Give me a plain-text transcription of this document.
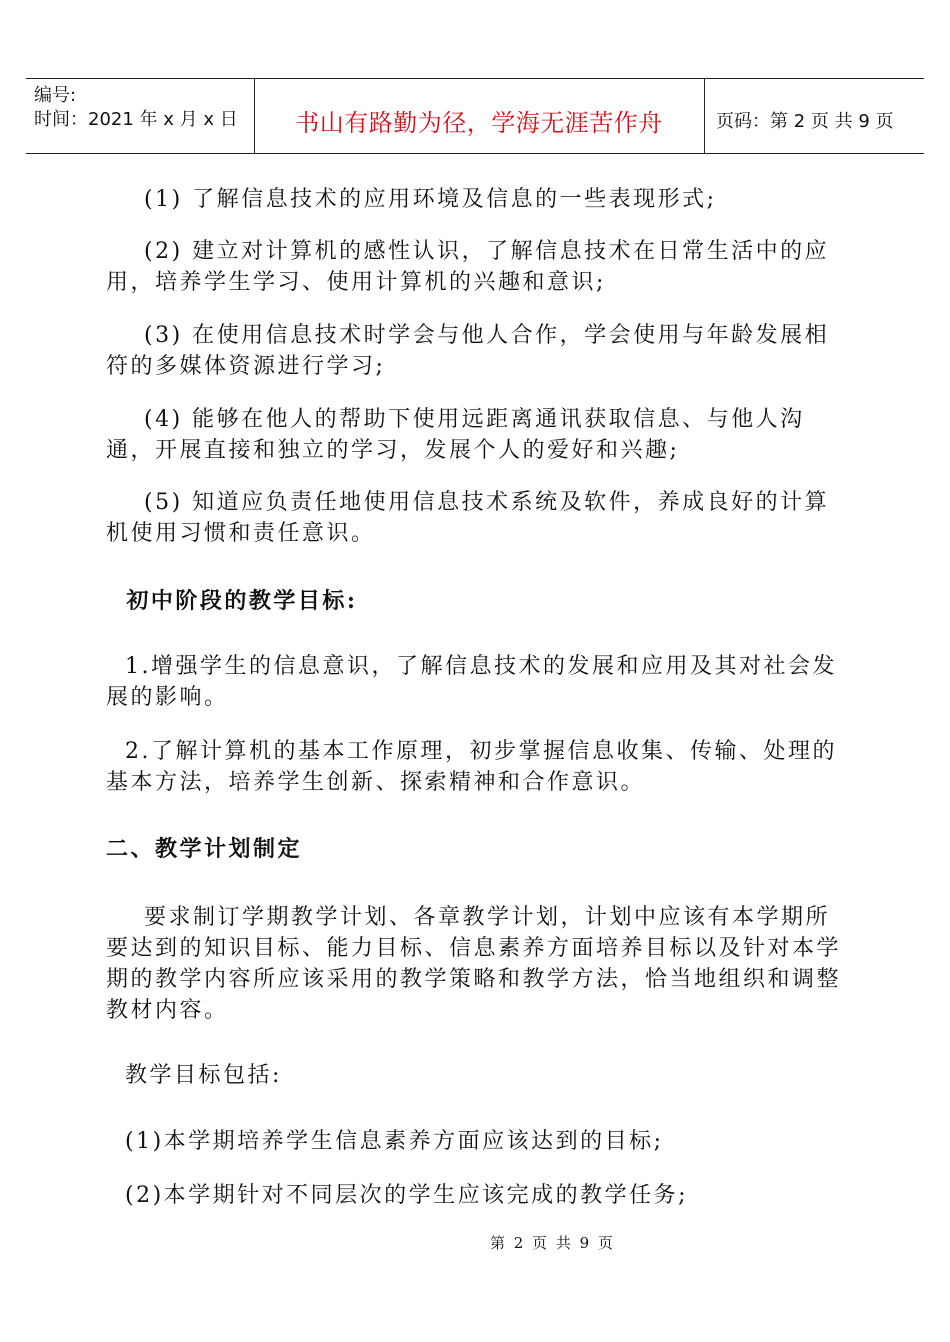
编号:
时间：2021 年 x 月 x 日	书山有路勤为径，学海无涯苦作舟	页码：第 2 页 共 9 页
(1) 了解信息技术的应用环境及信息的一些表现形式;
(2) 建立对计算机的感性认识，了解信息技术在日常生活中的应用，培养学生学习、使用计算机的兴趣和意识;
(3) 在使用信息技术时学会与他人合作，学会使用与年龄发展相符的多媒体资源进行学习;
(4) 能够在他人的帮助下使用远距离通讯获取信息、与他人沟通，开展直接和独立的学习，发展个人的爱好和兴趣;
(5) 知道应负责任地使用信息技术系统及软件，养成良好的计算机使用习惯和责任意识。
初中阶段的教学目标:
1.增强学生的信息意识，了解信息技术的发展和应用及其对社会发展的影响。
2.了解计算机的基本工作原理，初步掌握信息收集、传输、处理的基本方法，培养学生创新、探索精神和合作意识。
二、教学计划制定
要求制订学期教学计划、各章教学计划，计划中应该有本学期所要达到的知识目标、能力目标、信息素养方面培养目标以及针对本学期的教学内容所应该采用的教学策略和教学方法，恰当地组织和调整教材内容。
教学目标包括:
(1)本学期培养学生信息素养方面应该达到的目标;
(2)本学期针对不同层次的学生应该完成的教学任务;
第 2 页 共 9 页
